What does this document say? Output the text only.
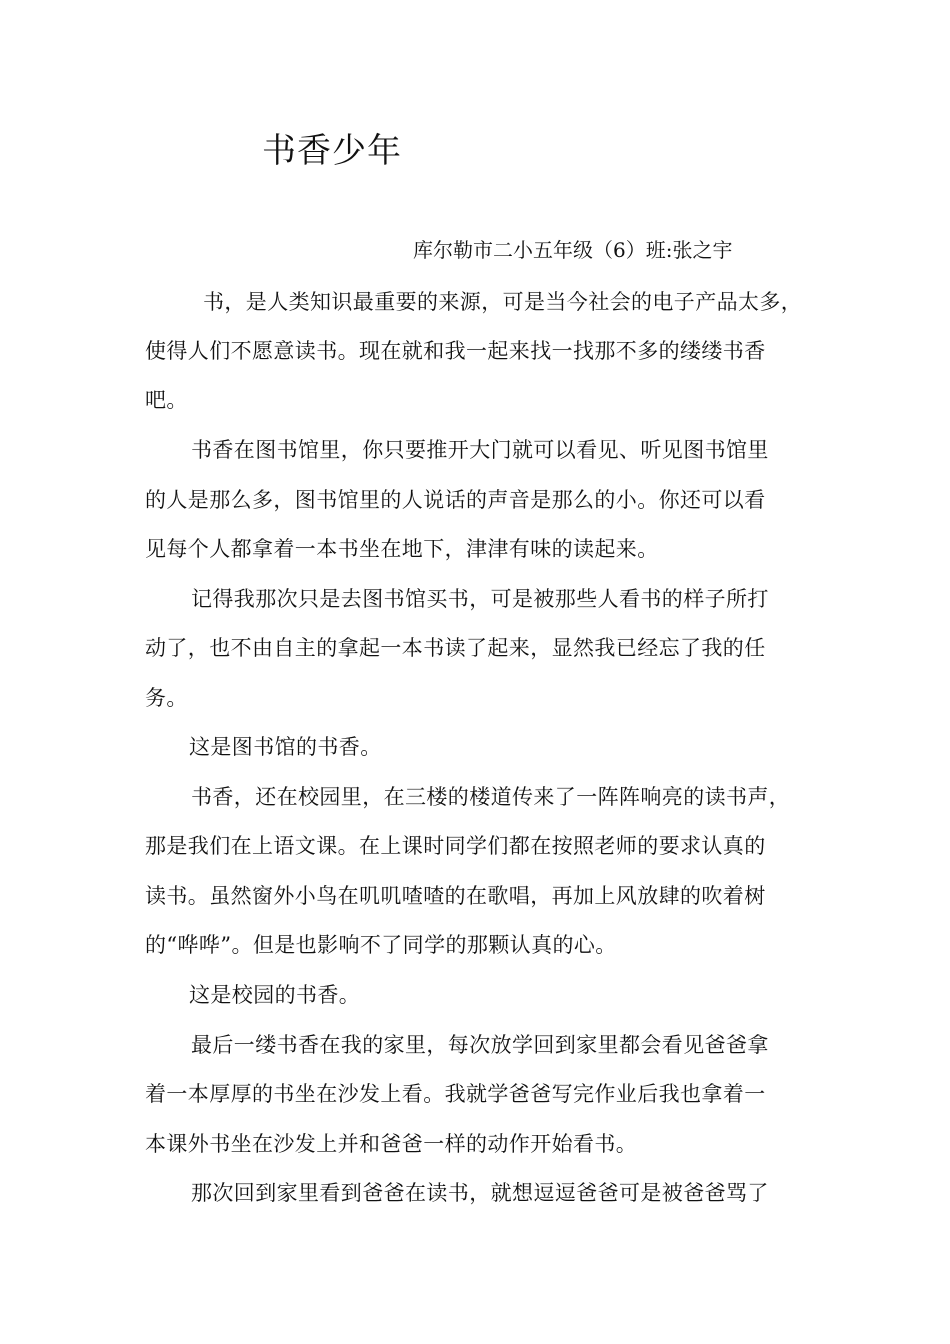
书香少年
库尔勒市二小五年级（6）班:张之宇
书，是人类知识最重要的来源，可是当今社会的电子产品太多，
使得人们不愿意读书。现在就和我一起来找一找那不多的缕缕书香
吧。
书香在图书馆里，你只要推开大门就可以看见、听见图书馆里
的人是那么多，图书馆里的人说话的声音是那么的小。你还可以看
见每个人都拿着一本书坐在地下，津津有味的读起来。
记得我那次只是去图书馆买书，可是被那些人看书的样子所打
动了，也不由自主的拿起一本书读了起来，显然我已经忘了我的任
务。
这是图书馆的书香。
书香，还在校园里，在三楼的楼道传来了一阵阵响亮的读书声，
那是我们在上语文课。在上课时同学们都在按照老师的要求认真的
读书。虽然窗外小鸟在叽叽喳喳的在歌唱，再加上风放肆的吹着树
的“哗哗”。但是也影响不了同学的那颗认真的心。
这是校园的书香。
最后一缕书香在我的家里，每次放学回到家里都会看见爸爸拿
着一本厚厚的书坐在沙发上看。我就学爸爸写完作业后我也拿着一
本课外书坐在沙发上并和爸爸一样的动作开始看书。
那次回到家里看到爸爸在读书，就想逗逗爸爸可是被爸爸骂了
